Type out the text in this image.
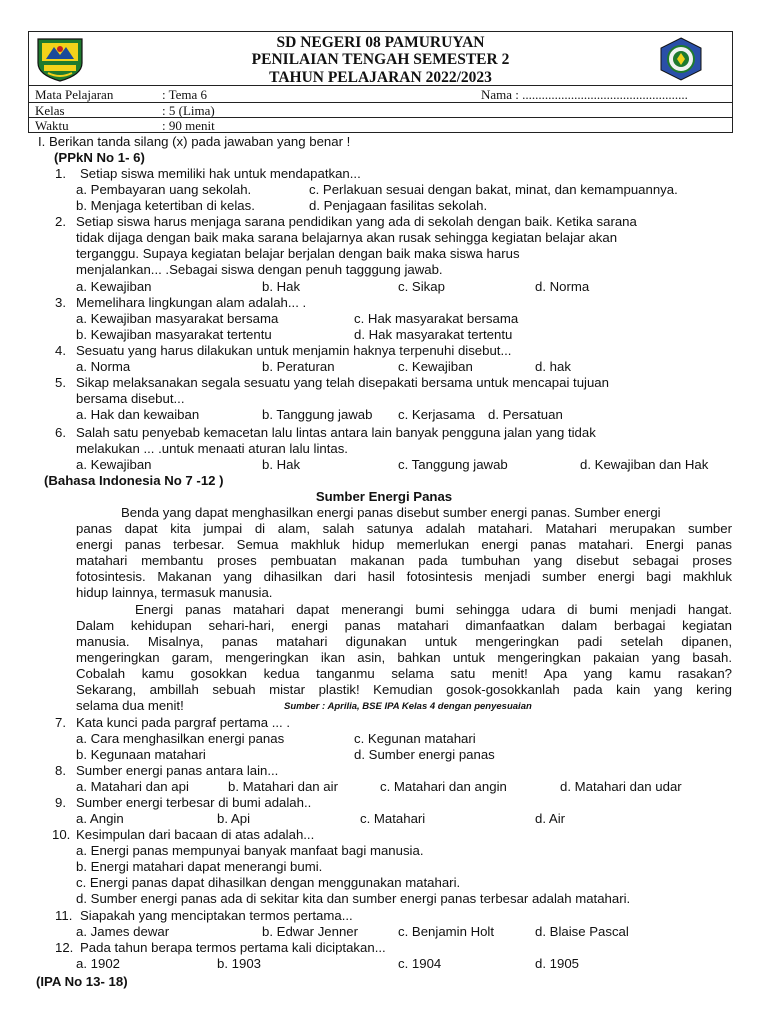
SD NEGERI 08 PAMURUYAN
PENILAIAN TENGAH SEMESTER 2
TAHUN PELAJARAN 2022/2023
Mata Pelajaran	: Tema 6	Nama : ...................................................
Kelas	: 5 (Lima)
Waktu	: 90 menit
I. Berikan tanda silang (x) pada jawaban yang benar !
(PPkN No 1- 6)
1. Setiap siswa memiliki hak untuk mendapatkan...
a. Pembayaran uang sekolah.	c. Perlakuan sesuai dengan bakat, minat, dan kemampuannya.
b. Menjaga ketertiban di kelas.	d. Penjagaan fasilitas sekolah.
2. Setiap siswa harus menjaga sarana pendidikan yang ada di sekolah dengan baik. Ketika sarana
tidak dijaga dengan baik maka sarana belajarnya akan rusak sehingga kegiatan belajar akan
terganggu. Supaya kegiatan belajar berjalan dengan baik maka siswa harus
menjalankan... .Sebagai siswa dengan penuh tagggung jawab.
a. Kewajiban	b. Hak	c. Sikap	d. Norma
3. Memelihara lingkungan alam adalah... .
a. Kewajiban masyarakat bersama	c. Hak masyarakat bersama
b. Kewajiban masyarakat tertentu	d. Hak masyarakat tertentu
4. Sesuatu yang harus dilakukan untuk menjamin haknya terpenuhi disebut...
a. Norma	b. Peraturan	c. Kewajiban	d. hak
5. Sikap melaksanakan segala sesuatu yang telah disepakati bersama untuk mencapai tujuan
bersama disebut...
a. Hak dan kewaiban	b. Tanggung jawab c. Kerjasama d. Persatuan
6. Salah satu penyebab kemacetan lalu lintas antara lain banyak pengguna jalan yang tidak
melakukan ... .untuk menaati aturan lalu lintas.
a. Kewajiban	b. Hak	c. Tanggung jawab	d. Kewajiban dan Hak
(Bahasa Indonesia No 7 -12 )
Sumber Energi Panas
Benda yang dapat menghasilkan energi panas disebut sumber energi panas. Sumber energi
panas dapat kita jumpai di alam, salah satunya adalah matahari. Matahari merupakan sumber
energi panas terbesar. Semua makhluk hidup memerlukan energi panas matahari. Energi panas
matahari membantu proses pembuatan makanan pada tumbuhan yang disebut sebagai proses
fotosintesis. Makanan yang dihasilkan dari hasil fotosintesis menjadi sumber energi bagi makhluk
hidup lainnya, termasuk manusia.
Energi panas matahari dapat menerangi bumi sehingga udara di bumi menjadi hangat.
Dalam kehidupan sehari-hari, energi panas matahari dimanfaatkan dalam berbagai kegiatan
manusia. Misalnya, panas matahari digunakan untuk mengeringkan padi setelah dipanen,
mengeringkan garam, mengeringkan ikan asin, bahkan untuk mengeringkan pakaian yang basah.
Cobalah kamu gosokkan kedua tanganmu selama satu menit! Apa yang kamu rasakan?
Sekarang, ambillah sebuah mistar plastik! Kemudian gosok-gosokkanlah pada kain yang kering
selama dua menit!	Sumber : Aprilia, BSE IPA Kelas 4 dengan penyesuaian
7. Kata kunci pada pargraf pertama ... .
a. Cara menghasilkan energi panas	c. Kegunan matahari
b. Kegunaan matahari	d. Sumber energi panas
8. Sumber energi panas antara lain...
a. Matahari dan api	b. Matahari dan air	c. Matahari dan angin	d. Matahari dan udar
9. Sumber energi terbesar di bumi adalah..
a. Angin	b. Api	c. Matahari	d. Air
10. Kesimpulan dari bacaan di atas adalah...
a. Energi panas mempunyai banyak manfaat bagi manusia.
b. Energi matahari dapat menerangi bumi.
c. Energi panas dapat dihasilkan dengan menggunakan matahari.
d. Sumber energi panas ada di sekitar kita dan sumber energi panas terbesar adalah matahari.
11. Siapakah yang menciptakan termos pertama...
a. James dewar	b. Edwar Jenner	c. Benjamin Holt	d. Blaise Pascal
12. Pada tahun berapa termos pertama kali diciptakan...
a. 1902	b. 1903	c. 1904	d. 1905
(IPA No 13- 18)
